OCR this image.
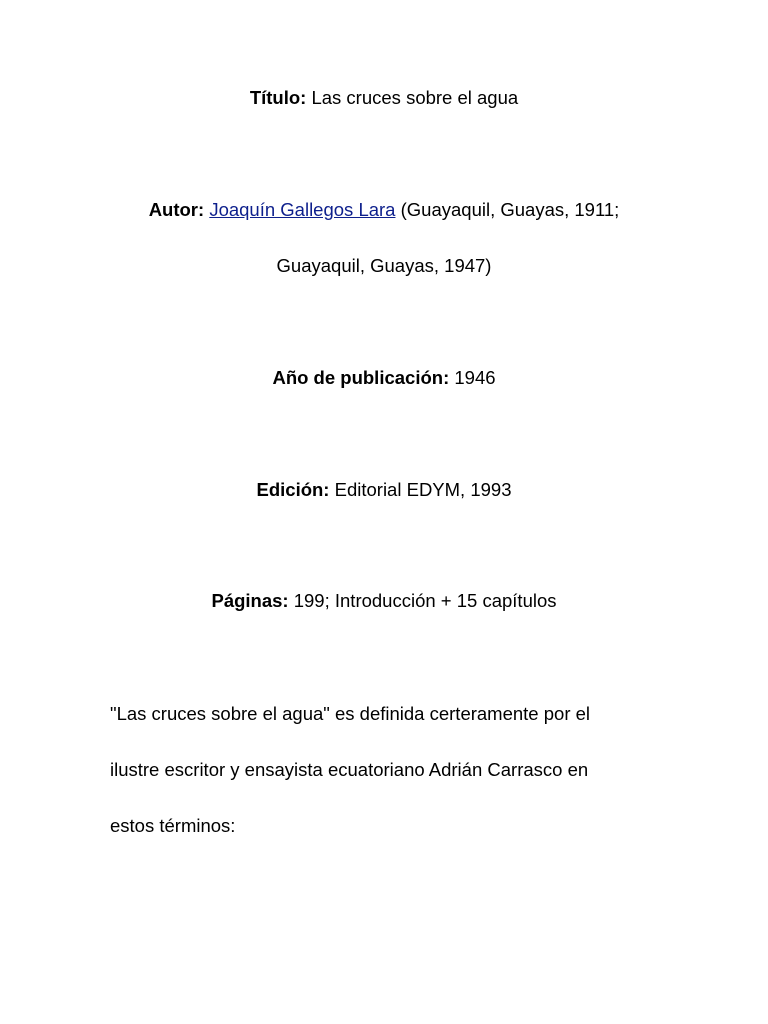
Título: Las cruces sobre el agua
Autor: Joaquín Gallegos Lara (Guayaquil, Guayas, 1911;
Guayaquil, Guayas, 1947)
Año de publicación: 1946
Edición: Editorial EDYM, 1993
Páginas: 199; Introducción + 15 capítulos
"Las cruces sobre el agua" es definida certeramente por el
ilustre escritor y ensayista ecuatoriano Adrián Carrasco en
estos términos:
